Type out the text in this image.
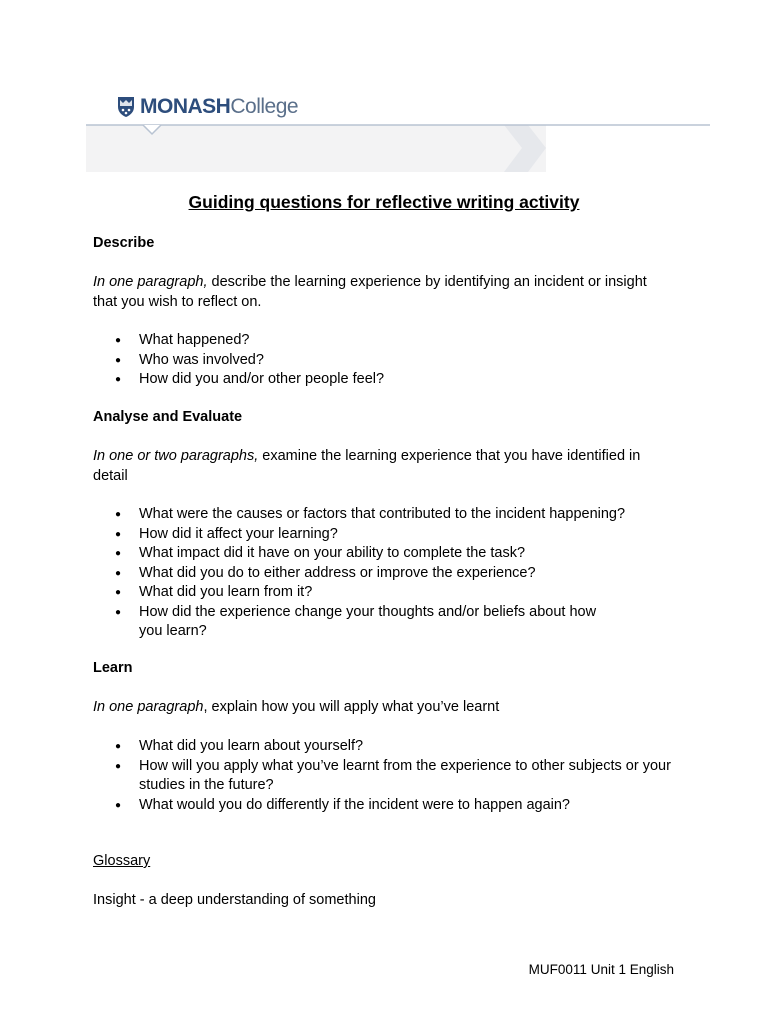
MONASH College
Guiding questions for reflective writing activity
Describe
In one paragraph, describe the learning experience by identifying an incident or insight that you wish to reflect on.
● What happened?
● Who was involved?
● How did you and/or other people feel?
Analyse and Evaluate
In one or two paragraphs, examine the learning experience that you have identified in detail
● What were the causes or factors that contributed to the incident happening?
● How did it affect your learning?
● What impact did it have on your ability to complete the task?
● What did you do to either address or improve the experience?
● What did you learn from it?
● How did the experience change your thoughts and/or beliefs about how you learn?
Learn
In one paragraph, explain how you will apply what you’ve learnt
● What did you learn about yourself?
● How will you apply what you’ve learnt from the experience to other subjects or your studies in the future?
● What would you do differently if the incident were to happen again?
Glossary
Insight - a deep understanding of something
MUF0011 Unit 1 English
